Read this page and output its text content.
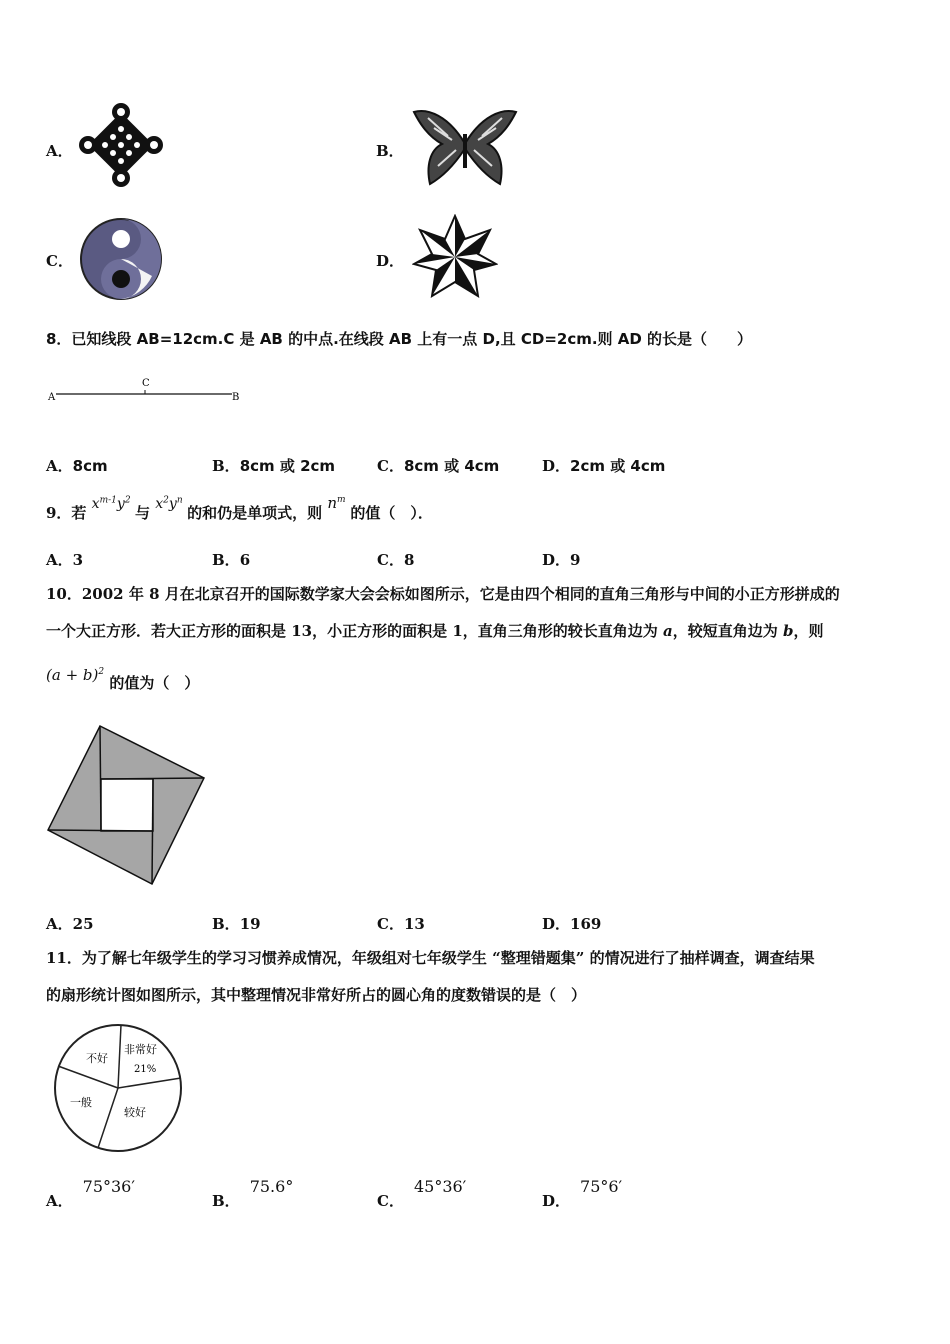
A．	B．
C．	D．
8．已知线段 AB=12cm.C 是 AB 的中点.在线段 AB 上有一点 D,且 CD=2cm.则 AD 的长是（　　）
A
C
B
A．8cm	B．8cm 或 2cm	C．8cm 或 4cm	D．2cm 或 4cm
9．若 $x^{m-1}y^2$ 与 $x^2y^n$ 的和仍是单项式，则 $n^m$ 的值（　）．
A．3	B．6	C．8	D．9
10．2002 年 8 月在北京召开的国际数学家大会会标如图所示，它是由四个相同的直角三角形与中间的小正方形拼成的
一个大正方形．若大正方形的面积是 13，小正方形的面积是 1，直角三角形的较长直角边为 a，较短直角边为 b，则
$(a + b)^2$ 的值为（　）
A．25	B．19	C．13	D．169
11．为了解七年级学生的学习习惯养成情况，年级组对七年级学生 “整理错题集” 的情况进行了抽样调查，调查结果
的扇形统计图如图所示，其中整理情况非常好所占的圆心角的度数错误的是（　）
非常好
21%
较好
一般
不好
A．75°36′
B．75.6°
C．45°36′
D．75°6′
